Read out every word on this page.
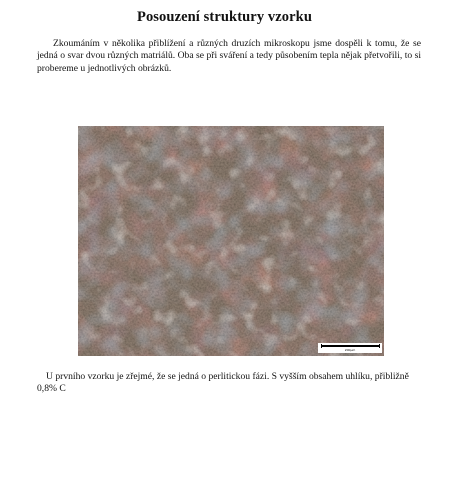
Posouzení struktury vzorku
Zkoumáním v několika přiblížení a různých druzích mikroskopu jsme dospěli k tomu, že se jedná o svar dvou různých matriálů. Oba se při sváření a tedy působením tepla nějak přetvořili, to si probereme u jednotlivých obrázků.
200µm
U prvního vzorku je zřejmé, že se jedná o perlitickou fázi. S vyšším obsahem uhlíku, přibližně 0,8% C
